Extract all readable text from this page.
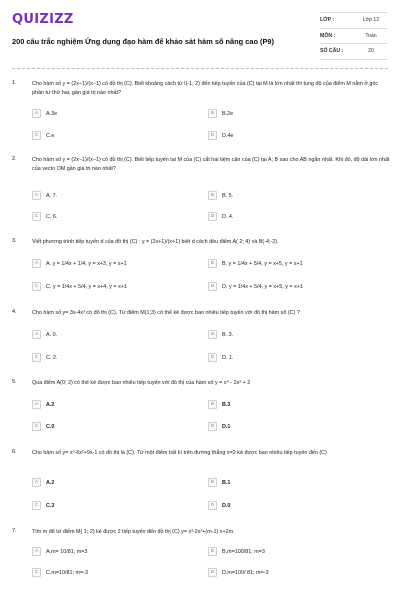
QUIZIZZ
200 câu trắc nghiệm Ứng dụng đạo hàm để khảo sát hàm số nâng cao (P9)
LỚP :	Lớp 12
MÔN :	Toán
SỐ CÂU :	20
1.	Cho hàm số y = (2x−1)/(x−1) có đồ thị (C). Biết khoảng cách từ I(-1; 2) đến tiếp tuyến của (C) tại M là lớn nhất thì tung độ của điểm M nằm ở góc phần tư thứ hai, gần giá trị nào nhất?
A	A.3e	B	B.2e
C	C.e	D	D.4e
2.	Cho hàm số y = (2x−1)/(x−1) có đồ thị (C). Biết tiếp tuyến tại M của (C) cắt hai tiệm cận của (C) tại A; B sao cho AB ngắn nhất. Khi đó, độ dài lớn nhất của vecto OM gần giá trị nào nhất?
A	A. 7.	B	B. 5.
C	C. 6.	D	D. 4.
3.	Viết phương trình tiếp tuyến d của đồ thị (C) : y = (2x+1)/(x+1) biết d cách đều điểm A( 2; 4) và B(-4;-2).
A	A. y = 1/4x + 1/4, y = x+3, y = x+1	B	B. y = 1/4x + 5/4, y = x+5, y = x+1
C	C. y = 1/4x + 5/4, y = x+4, y = x+1	D	D. y = 1/4x + 5/4, y = x+5, y = x+1
4.	Cho hàm số y= 3x-4x³ có đồ thị (C). Từ điểm M(1;3) có thể kẻ được bao nhiêu tiếp tuyến với đồ thị hàm số (C) ?
A	A. 0.	B	B. 3.
C	C. 2.	D	D. 1.
5.	Qua điểm A(0; 2) có thể kẻ được bao nhiêu tiếp tuyến với đồ thị của hàm số y = x⁴ - 2x² + 2
A	A.2	B	B.3
C	C.0	D	D.1
6.	Cho hàm số y= x³-6x²+9x-1 có đồ thị là (C). Từ một điểm bất kì trên đường thẳng x=2 kẻ được bao nhiêu tiếp tuyến đến (C)
A	A.2	B	B.1
C	C.3	D	D.0
7.	Tìm m để từ điểm M( 1; 2) kẻ được 2 tiếp tuyến đến đồ thị (C) y= x³-2x²+(m-1) x+2m.
A	A.m= 10/81; m=3	B	B.m=100/81; m=3
C	C.m=10/81; m=-3	D	D.m=100/ 81; m=-3
